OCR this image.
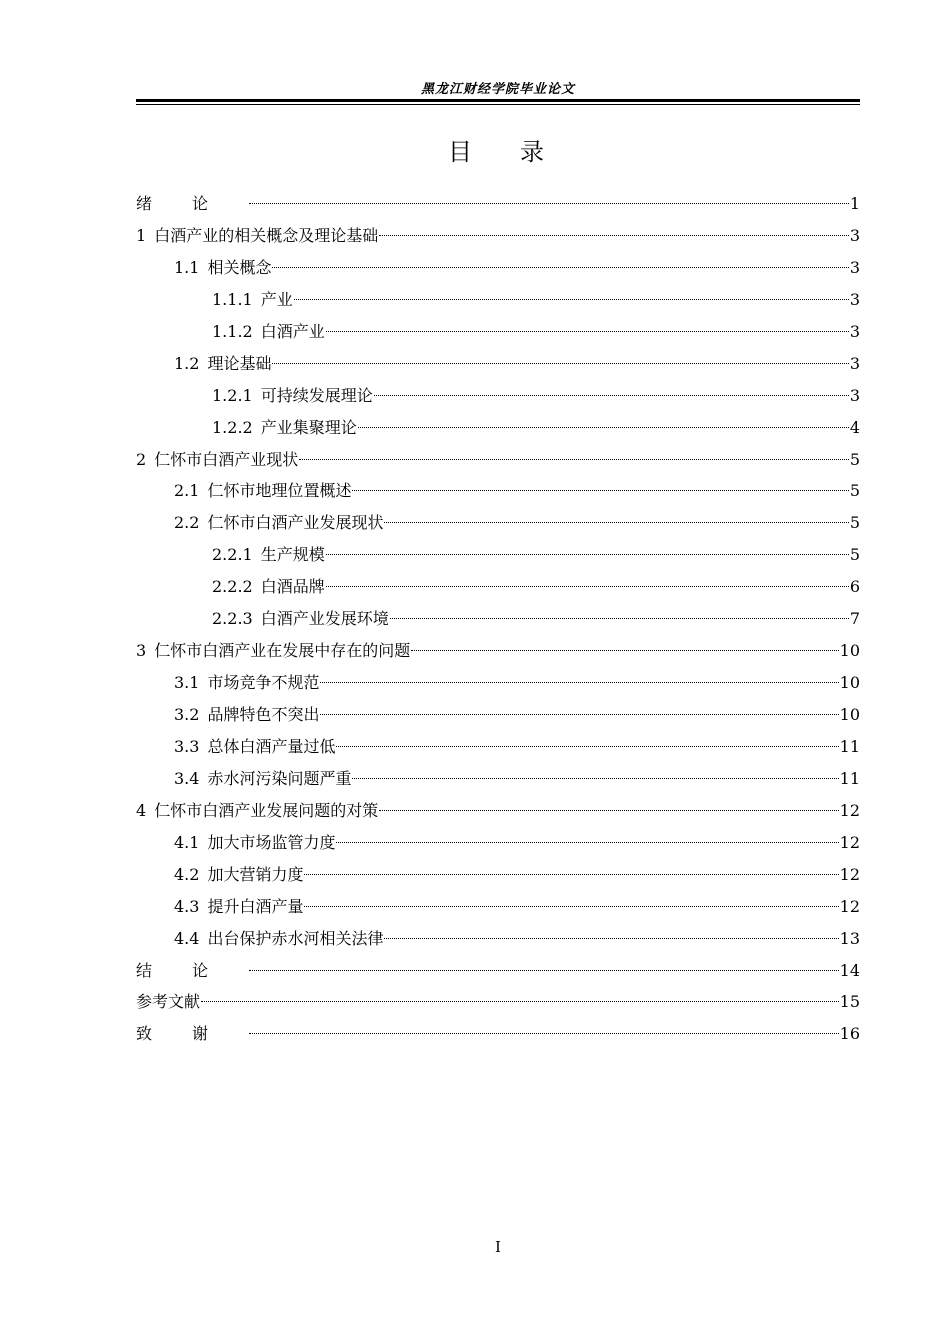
黑龙江财经学院毕业论文
目 录
绪论	1
1 白酒产业的相关概念及理论基础	3
1.1 相关概念	3
1.1.1 产业	3
1.1.2 白酒产业	3
1.2 理论基础	3
1.2.1 可持续发展理论	3
1.2.2 产业集聚理论	4
2 仁怀市白酒产业现状	5
2.1 仁怀市地理位置概述	5
2.2 仁怀市白酒产业发展现状	5
2.2.1 生产规模	5
2.2.2 白酒品牌	6
2.2.3 白酒产业发展环境	7
3 仁怀市白酒产业在发展中存在的问题	10
3.1 市场竞争不规范	10
3.2 品牌特色不突出	10
3.3 总体白酒产量过低	11
3.4 赤水河污染问题严重	11
4 仁怀市白酒产业发展问题的对策	12
4.1 加大市场监管力度	12
4.2 加大营销力度	12
4.3 提升白酒产量	12
4.4 出台保护赤水河相关法律	13
结论	14
参考文献	15
致谢	16
I
